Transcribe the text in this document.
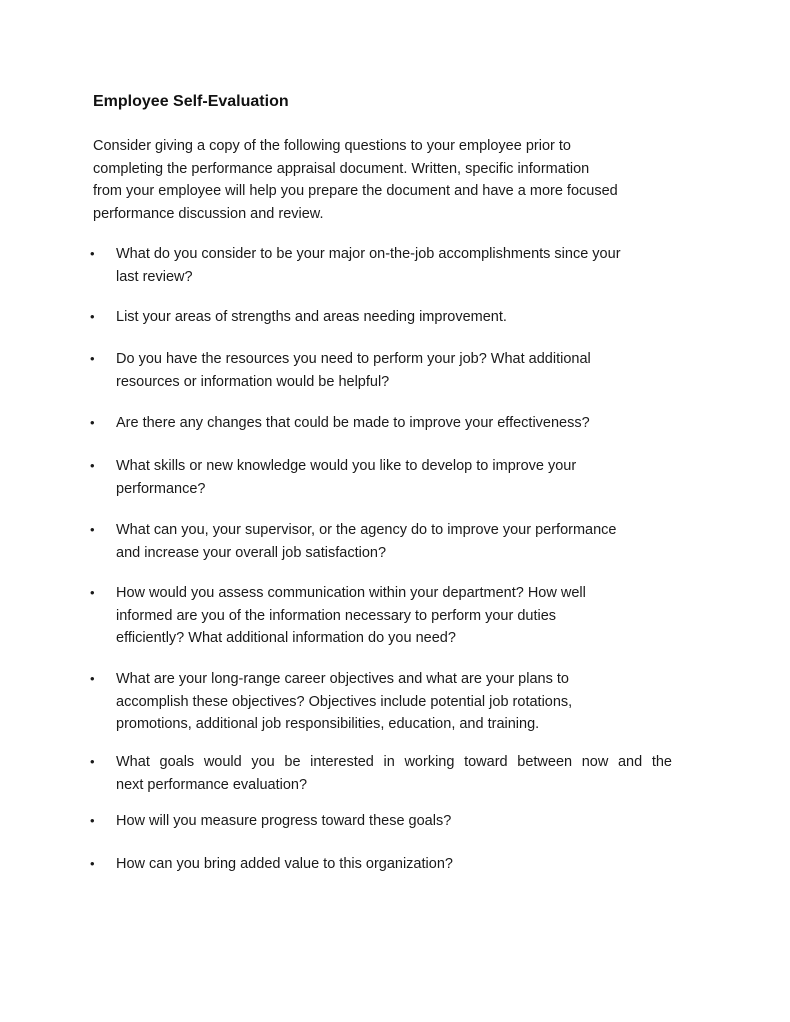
Employee Self-Evaluation

Consider giving a copy of the following questions to your employee prior to
completing the performance appraisal document. Written, specific information
from your employee will help you prepare the document and have a more focused
performance discussion and review.

•	What do you consider to be your major on-the-job accomplishments since your
last review?
•	List your areas of strengths and areas needing improvement.
•	Do you have the resources you need to perform your job? What additional
resources or information would be helpful?
•	Are there any changes that could be made to improve your effectiveness?
•	What skills or new knowledge would you like to develop to improve your
performance?
•	What can you, your supervisor, or the agency do to improve your performance
and increase your overall job satisfaction?
•	How would you assess communication within your department? How well
informed are you of the information necessary to perform your duties
efficiently? What additional information do you need?
•	What are your long-range career objectives and what are your plans to
accomplish these objectives? Objectives include potential job rotations,
promotions, additional job responsibilities, education, and training.
•	What goals would you be interested in working toward between now and the
next performance evaluation?
•	How will you measure progress toward these goals?
•	How can you bring added value to this organization?
